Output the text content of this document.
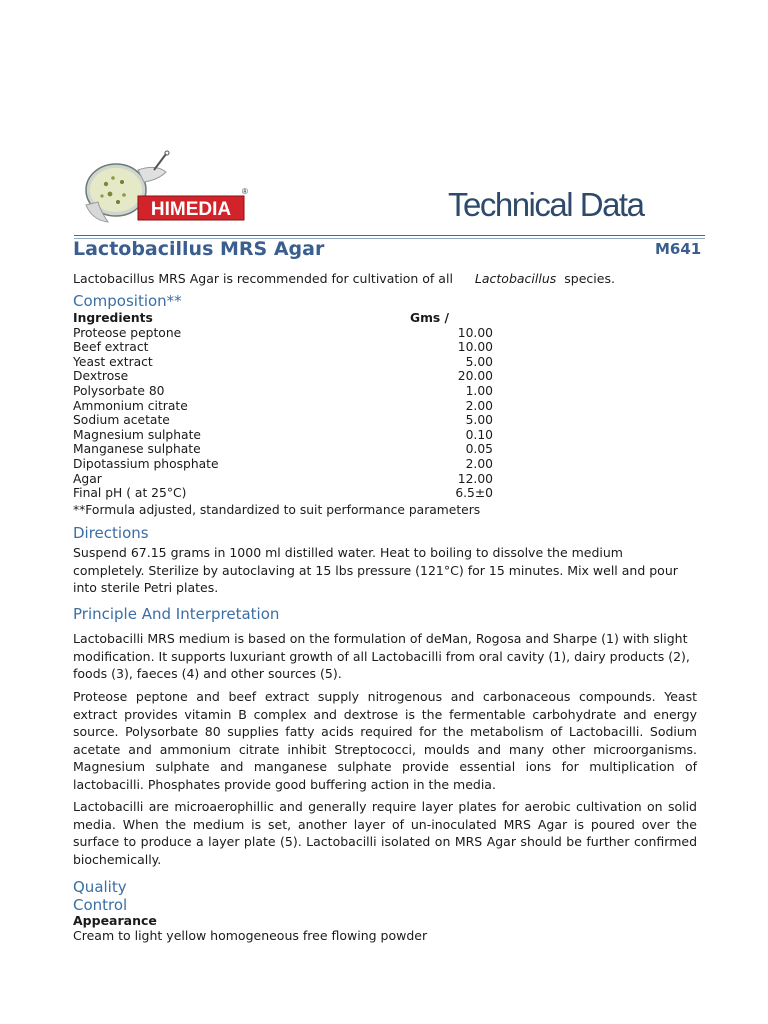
HIMEDIA
®	Technical Data
Lactobacillus MRS Agar	M641
Lactobacillus MRS Agar is recommended for cultivation of all Lactobacillus species.
Composition**
Ingredients	Gms /
Proteose peptone	10.00
Beef extract	10.00
Yeast extract	5.00
Dextrose	20.00
Polysorbate 80	1.00
Ammonium citrate	2.00
Sodium acetate	5.00
Magnesium sulphate	0.10
Manganese sulphate	0.05
Dipotassium phosphate	2.00
Agar	12.00
Final pH ( at 25°C)	6.5±0
**Formula adjusted, standardized to suit performance parameters
Directions

Suspend 67.15 grams in 1000 ml distilled water. Heat to boiling to dissolve the medium completely. Sterilize by autoclaving at 15 lbs pressure (121°C) for 15 minutes. Mix well and pour into sterile Petri plates.

Principle And Interpretation

Lactobacilli MRS medium is based on the formulation of deMan, Rogosa and Sharpe (1) with slight modification. It supports luxuriant growth of all Lactobacilli from oral cavity (1), dairy products (2), foods (3), faeces (4) and other sources (5).

Proteose peptone and beef extract supply nitrogenous and carbonaceous compounds. Yeast extract provides vitamin B complex and dextrose is the fermentable carbohydrate and energy source. Polysorbate 80 supplies fatty acids required for the metabolism of Lactobacilli. Sodium acetate and ammonium citrate inhibit Streptococci, moulds and many other microorganisms. Magnesium sulphate and manganese sulphate provide essential ions for multiplication of lactobacilli. Phosphates provide good buffering action in the media.

Lactobacilli are microaerophillic and generally require layer plates for aerobic cultivation on solid media. When the medium is set, another layer of un-inoculated MRS Agar is poured over the surface to produce a layer plate (5). Lactobacilli isolated on MRS Agar should be further confirmed biochemically.

Quality
Control
Appearance
Cream to light yellow homogeneous free flowing powder
